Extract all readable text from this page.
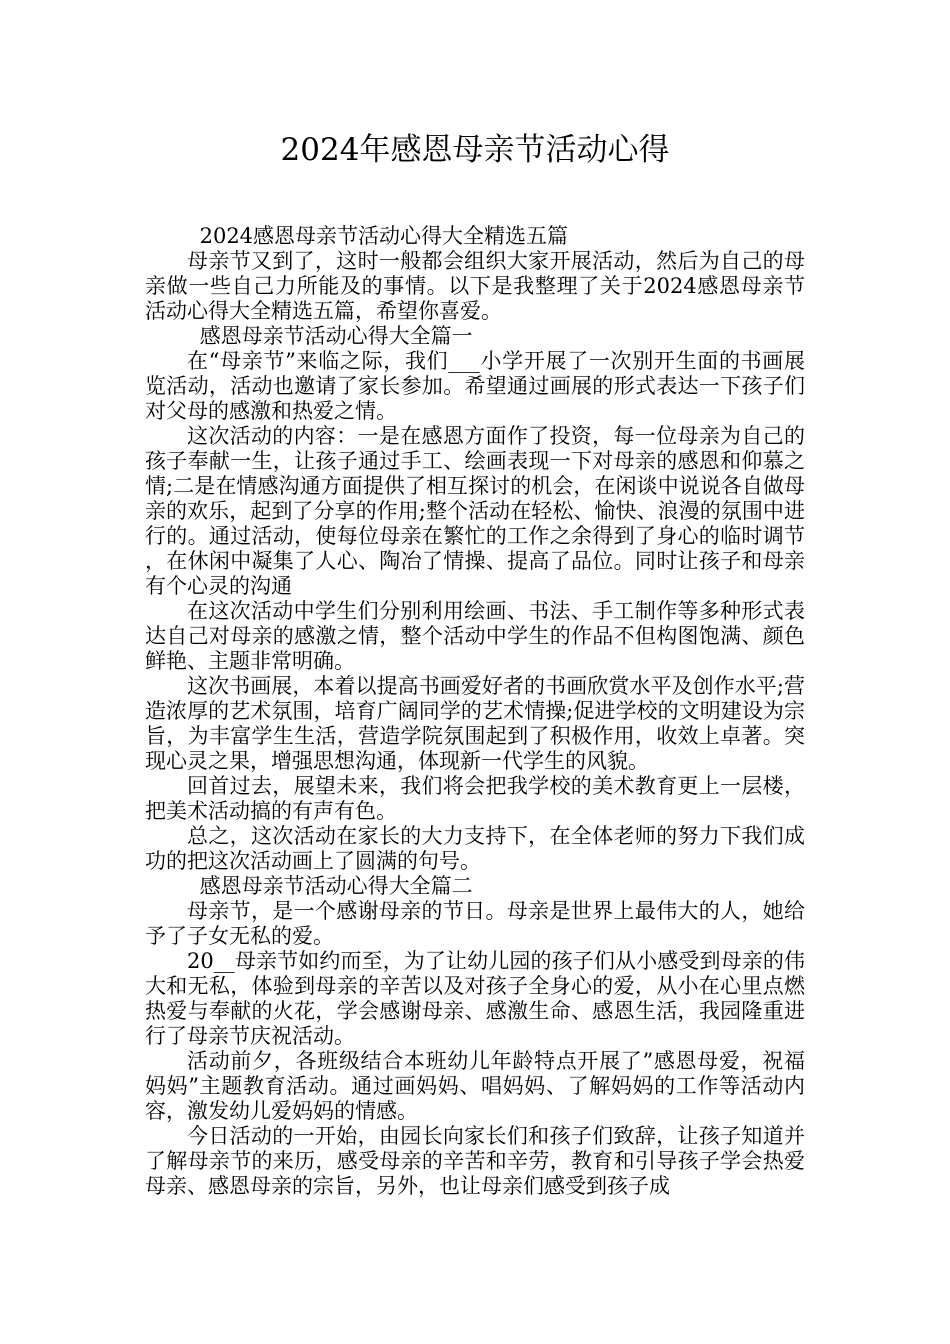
2024年感恩母亲节活动心得

2024感恩母亲节活动心得大全精选五篇

母亲节又到了，这时一般都会组织大家开展活动，然后为自己的母亲做一些自己力所能及的事情。以下是我整理了关于2024感恩母亲节活动心得大全精选五篇，希望你喜爱。

感恩母亲节活动心得大全篇一

在“母亲节”来临之际，我们___小学开展了一次别开生面的书画展览活动，活动也邀请了家长参加。希望通过画展的形式表达一下孩子们对父母的感激和热爱之情。

这次活动的内容：一是在感恩方面作了投资，每一位母亲为自己的孩子奉献一生，让孩子通过手工、绘画表现一下对母亲的感恩和仰慕之情;二是在情感沟通方面提供了相互探讨的机会，在闲谈中说说各自做母亲的欢乐，起到了分享的作用;整个活动在轻松、愉快、浪漫的氛围中进行的。通过活动，使每位母亲在繁忙的工作之余得到了身心的临时调节，在休闲中凝集了人心、陶冶了情操、提高了品位。同时让孩子和母亲有个心灵的沟通

在这次活动中学生们分别利用绘画、书法、手工制作等多种形式表达自己对母亲的感激之情，整个活动中学生的作品不但构图饱满、颜色鲜艳、主题非常明确。

这次书画展，本着以提高书画爱好者的书画欣赏水平及创作水平;营造浓厚的艺术氛围，培育广阔同学的艺术情操;促进学校的文明建设为宗旨，为丰富学生生活，营造学院氛围起到了积极作用，收效上卓著。突现心灵之果，增强思想沟通，体现新一代学生的风貌。

回首过去，展望未来，我们将会把我学校的美术教育更上一层楼，把美术活动搞的有声有色。

总之，这次活动在家长的大力支持下，在全体老师的努力下我们成功的把这次活动画上了圆满的句号。

感恩母亲节活动心得大全篇二

母亲节，是一个感谢母亲的节日。母亲是世界上最伟大的人，她给予了子女无私的爱。

20__母亲节如约而至，为了让幼儿园的孩子们从小感受到母亲的伟大和无私，体验到母亲的辛苦以及对孩子全身心的爱，从小在心里点燃热爱与奉献的火花，学会感谢母亲、感激生命、感恩生活，我园隆重进行了母亲节庆祝活动。

活动前夕，各班级结合本班幼儿年龄特点开展了”感恩母爱，祝福妈妈”主题教育活动。通过画妈妈、唱妈妈、了解妈妈的工作等活动内容，激发幼儿爱妈妈的情感。

今日活动的一开始，由园长向家长们和孩子们致辞，让孩子知道并了解母亲节的来历，感受母亲的辛苦和辛劳，教育和引导孩子学会热爱母亲、感恩母亲的宗旨，另外，也让母亲们感受到孩子成
